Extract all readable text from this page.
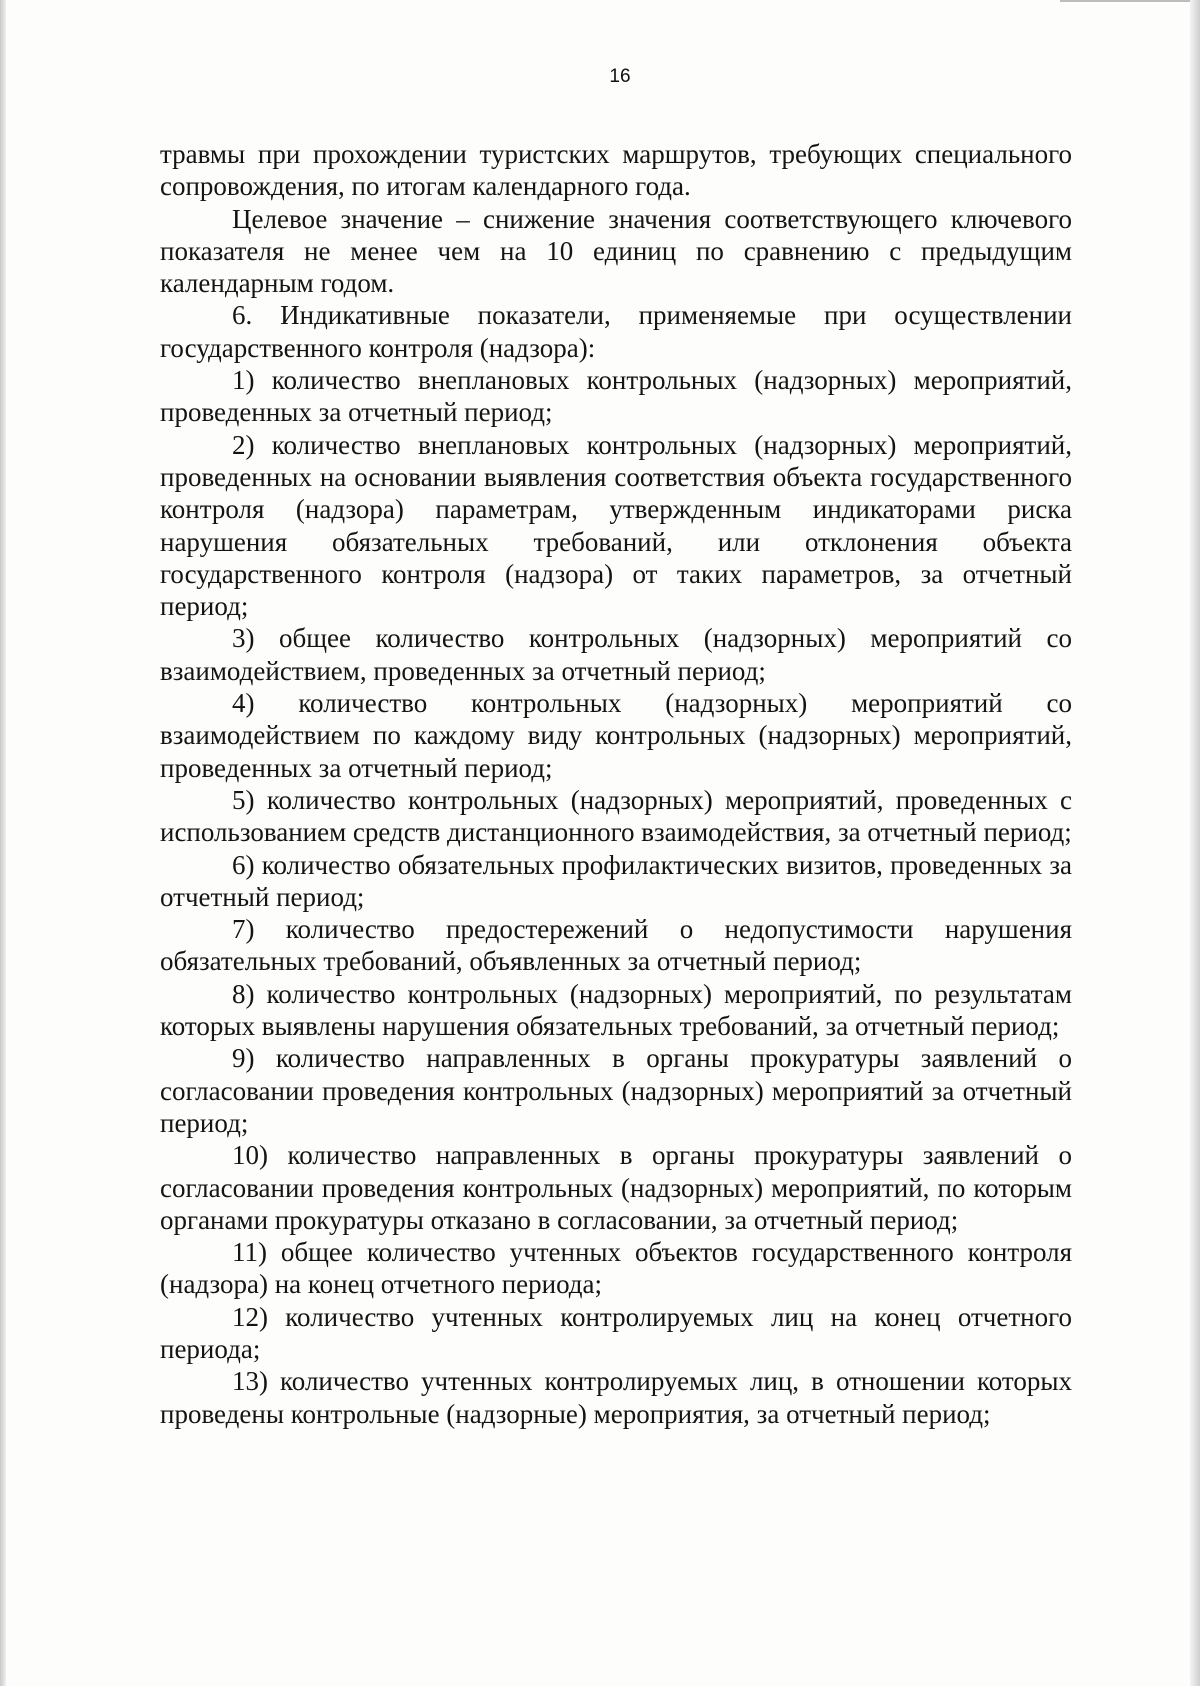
16

травмы при прохождении туристских маршрутов, требующих специального сопровождения, по итогам календарного года.

Целевое значение – снижение значения соответствующего ключевого показателя не менее чем на 10 единиц по сравнению с предыдущим календарным годом.

6. Индикативные показатели, применяемые при осуществлении государственного контроля (надзора):

1) количество внеплановых контрольных (надзорных) мероприятий, проведенных за отчетный период;

2) количество внеплановых контрольных (надзорных) мероприятий, проведенных на основании выявления соответствия объекта государственного контроля (надзора) параметрам, утвержденным индикаторами риска нарушения обязательных требований, или отклонения объекта государственного контроля (надзора) от таких параметров, за отчетный период;

3) общее количество контрольных (надзорных) мероприятий со взаимодействием, проведенных за отчетный период;

4) количество контрольных (надзорных) мероприятий со взаимодействием по каждому виду контрольных (надзорных) мероприятий, проведенных за отчетный период;

5) количество контрольных (надзорных) мероприятий, проведенных с использованием средств дистанционного взаимодействия, за отчетный период;

6) количество обязательных профилактических визитов, проведенных за отчетный период;

7) количество предостережений о недопустимости нарушения обязательных требований, объявленных за отчетный период;

8) количество контрольных (надзорных) мероприятий, по результатам которых выявлены нарушения обязательных требований, за отчетный период;

9) количество направленных в органы прокуратуры заявлений о согласовании проведения контрольных (надзорных) мероприятий за отчетный период;

10) количество направленных в органы прокуратуры заявлений о согласовании проведения контрольных (надзорных) мероприятий, по которым органами прокуратуры отказано в согласовании, за отчетный период;

11) общее количество учтенных объектов государственного контроля (надзора) на конец отчетного периода;

12) количество учтенных контролируемых лиц на конец отчетного периода;

13) количество учтенных контролируемых лиц, в отношении которых проведены контрольные (надзорные) мероприятия, за отчетный период;
